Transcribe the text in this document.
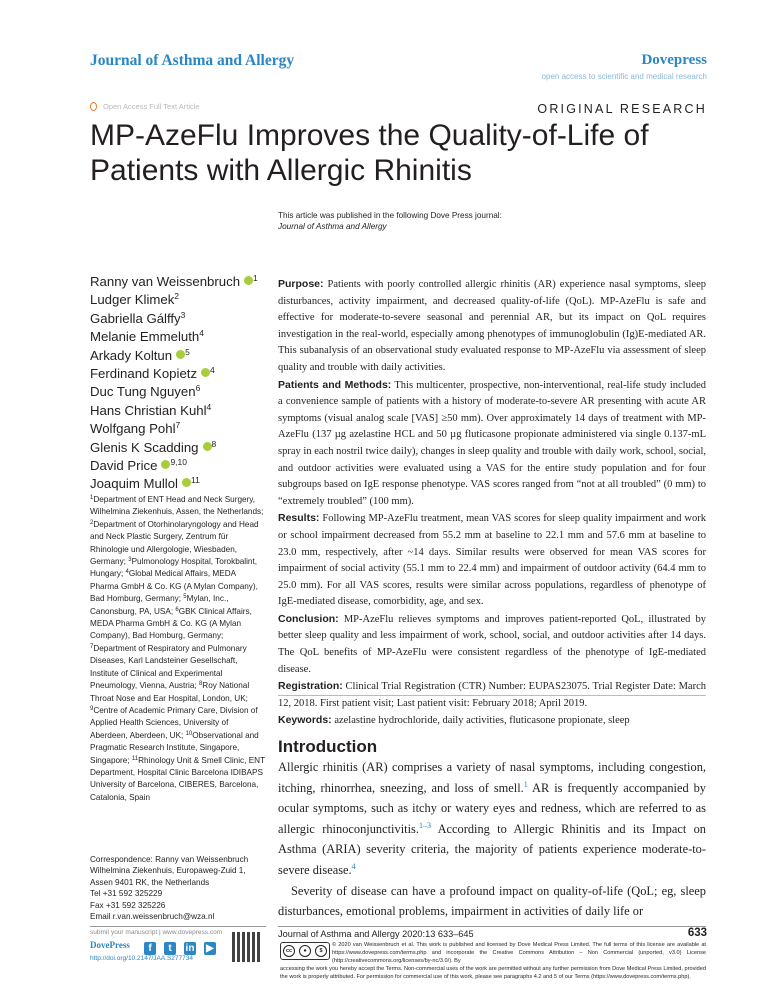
Journal of Asthma and Allergy	Dovepress
open access to scientific and medical research
Open Access Full Text Article	ORIGINAL RESEARCH
MP-AzeFlu Improves the Quality-of-Life of
Patients with Allergic Rhinitis
This article was published in the following Dove Press journal:
Journal of Asthma and Allergy
Ranny van Weissenbruch $^1$
Ludger Klimek$^2$
Gabriella Gálffy$^3$
Melanie Emmeluth$^4$
Arkady Koltun $^5$
Ferdinand Kopietz $^4$
Duc Tung Nguyen$^6$
Hans Christian Kuhl$^4$
Wolfgang Pohl$^7$
Glenis K Scadding $^8$
David Price $^{9,10}$
Joaquim Mullol $^{11}$
$^1$Department of ENT Head and Neck Surgery, Wilhelmina Ziekenhuis, Assen, the Netherlands; $^2$Department of Otorhinolaryngology and Head and Neck Plastic Surgery, Zentrum für Rhinologie und Allergologie, Wiesbaden, Germany; $^3$Pulmonology Hospital, Torokbalint, Hungary; $^4$Global Medical Affairs, MEDA Pharma GmbH & Co. KG (A Mylan Company), Bad Homburg, Germany; $^5$Mylan, Inc., Canonsburg, PA, USA; $^6$GBK Clinical Affairs, MEDA Pharma GmbH & Co. KG (A Mylan Company), Bad Homburg, Germany; $^7$Department of Respiratory and Pulmonary Diseases, Karl Landsteiner Gesellschaft, Institute of Clinical and Experimental Pneumology, Vienna, Austria; $^8$Roy National Throat Nose and Ear Hospital, London, UK; $^9$Centre of Academic Primary Care, Division of Applied Health Sciences, University of Aberdeen, Aberdeen, UK; $^{10}$Observational and Pragmatic Research Institute, Singapore, Singapore; $^{11}$Rhinology Unit & Smell Clinic, ENT Department, Hospital Clinic Barcelona IDIBAPS University of Barcelona, CIBERES, Barcelona, Catalonia, Spain
Correspondence: Ranny van Weissenbruch
Wilhelmina Ziekenhuis, Europaweg-Zuid 1,
Assen 9401 RK, the Netherlands
Tel +31 592 325229
Fax +31 592 325226
Email r.van.weissenbruch@wza.nl

Purpose: Patients with poorly controlled allergic rhinitis (AR) experience nasal symptoms, sleep disturbances, activity impairment, and decreased quality-of-life (QoL). MP-AzeFlu is safe and effective for moderate-to-severe seasonal and perennial AR, but its impact on QoL requires investigation in the real-world, especially among phenotypes of immunoglobulin (Ig)E-mediated AR. This subanalysis of an observational study evaluated response to MP-AzeFlu via assessment of sleep quality and trouble with daily activities.

Patients and Methods: This multicenter, prospective, non-interventional, real-life study included a convenience sample of patients with a history of moderate-to-severe AR presenting with acute AR symptoms (visual analog scale [VAS] ≥50 mm). Over approximately 14 days of treatment with MP-AzeFlu (137 µg azelastine HCL and 50 µg fluticasone propionate administered via single 0.137-mL spray in each nostril twice daily), changes in sleep quality and trouble with daily work, school, social, and outdoor activities were evaluated using a VAS for the entire study population and for four subgroups based on IgE response phenotype. VAS scores ranged from “not at all troubled” (0 mm) to “extremely troubled” (100 mm).

Results: Following MP-AzeFlu treatment, mean VAS scores for sleep quality impairment and work or school impairment decreased from 55.2 mm at baseline to 22.1 mm and 57.6 mm at baseline to 23.0 mm, respectively, after ~14 days. Similar results were observed for mean VAS scores for impairment of social activity (55.1 mm to 22.4 mm) and impairment of outdoor activity (64.4 mm to 25.0 mm). For all VAS scores, results were similar across populations, regardless of phenotype of IgE-mediated disease, comorbidity, age, and sex.

Conclusion: MP-AzeFlu relieves symptoms and improves patient-reported QoL, illustrated by better sleep quality and less impairment of work, school, social, and outdoor activities after 14 days. The QoL benefits of MP-AzeFlu were consistent regardless of the phenotype of IgE-mediated disease.

Registration: Clinical Trial Registration (CTR) Number: EUPAS23075. Trial Register Date: March 12, 2018. First patient visit; Last patient visit: February 2018; April 2019.

Keywords: azelastine hydrochloride, daily activities, fluticasone propionate, sleep

Introduction

Allergic rhinitis (AR) comprises a variety of nasal symptoms, including congestion, itching, rhinorrhea, sneezing, and loss of smell.$^1$ AR is frequently accompanied by ocular symptoms, such as itchy or watery eyes and redness, which are referred to as allergic rhinoconjunctivitis.$^{1-3}$ According to Allergic Rhinitis and its Impact on Asthma (ARIA) severity criteria, the majority of patients experience moderate-to-severe disease.$^4$

Severity of disease can have a profound impact on quality-of-life (QoL; eg, sleep disturbances, emotional problems, impairment in activities of daily life or

submit your manuscript | www.dovepress.com
DovePress	f t in ▶
http://doi.org/10.2147/JAA.S277734
Journal of Asthma and Allergy 2020:13 633–645	633
cc	●	$
© 2020 van Weissenbruch et al. This work is published and licensed by Dove Medical Press Limited. The full terms of this license are available at https://www.dovepress.com/terms.php and incorporate the Creative Commons Attribution – Non Commercial (unported, v3.0) License (http://creativecommons.org/licenses/by-nc/3.0/). By
accessing the work you hereby accept the Terms. Non-commercial uses of the work are permitted without any further permission from Dove Medical Press Limited, provided the work is properly attributed. For permission for commercial use of this work, please see paragraphs 4.2 and 5 of our Terms (https://www.dovepress.com/terms.php).
